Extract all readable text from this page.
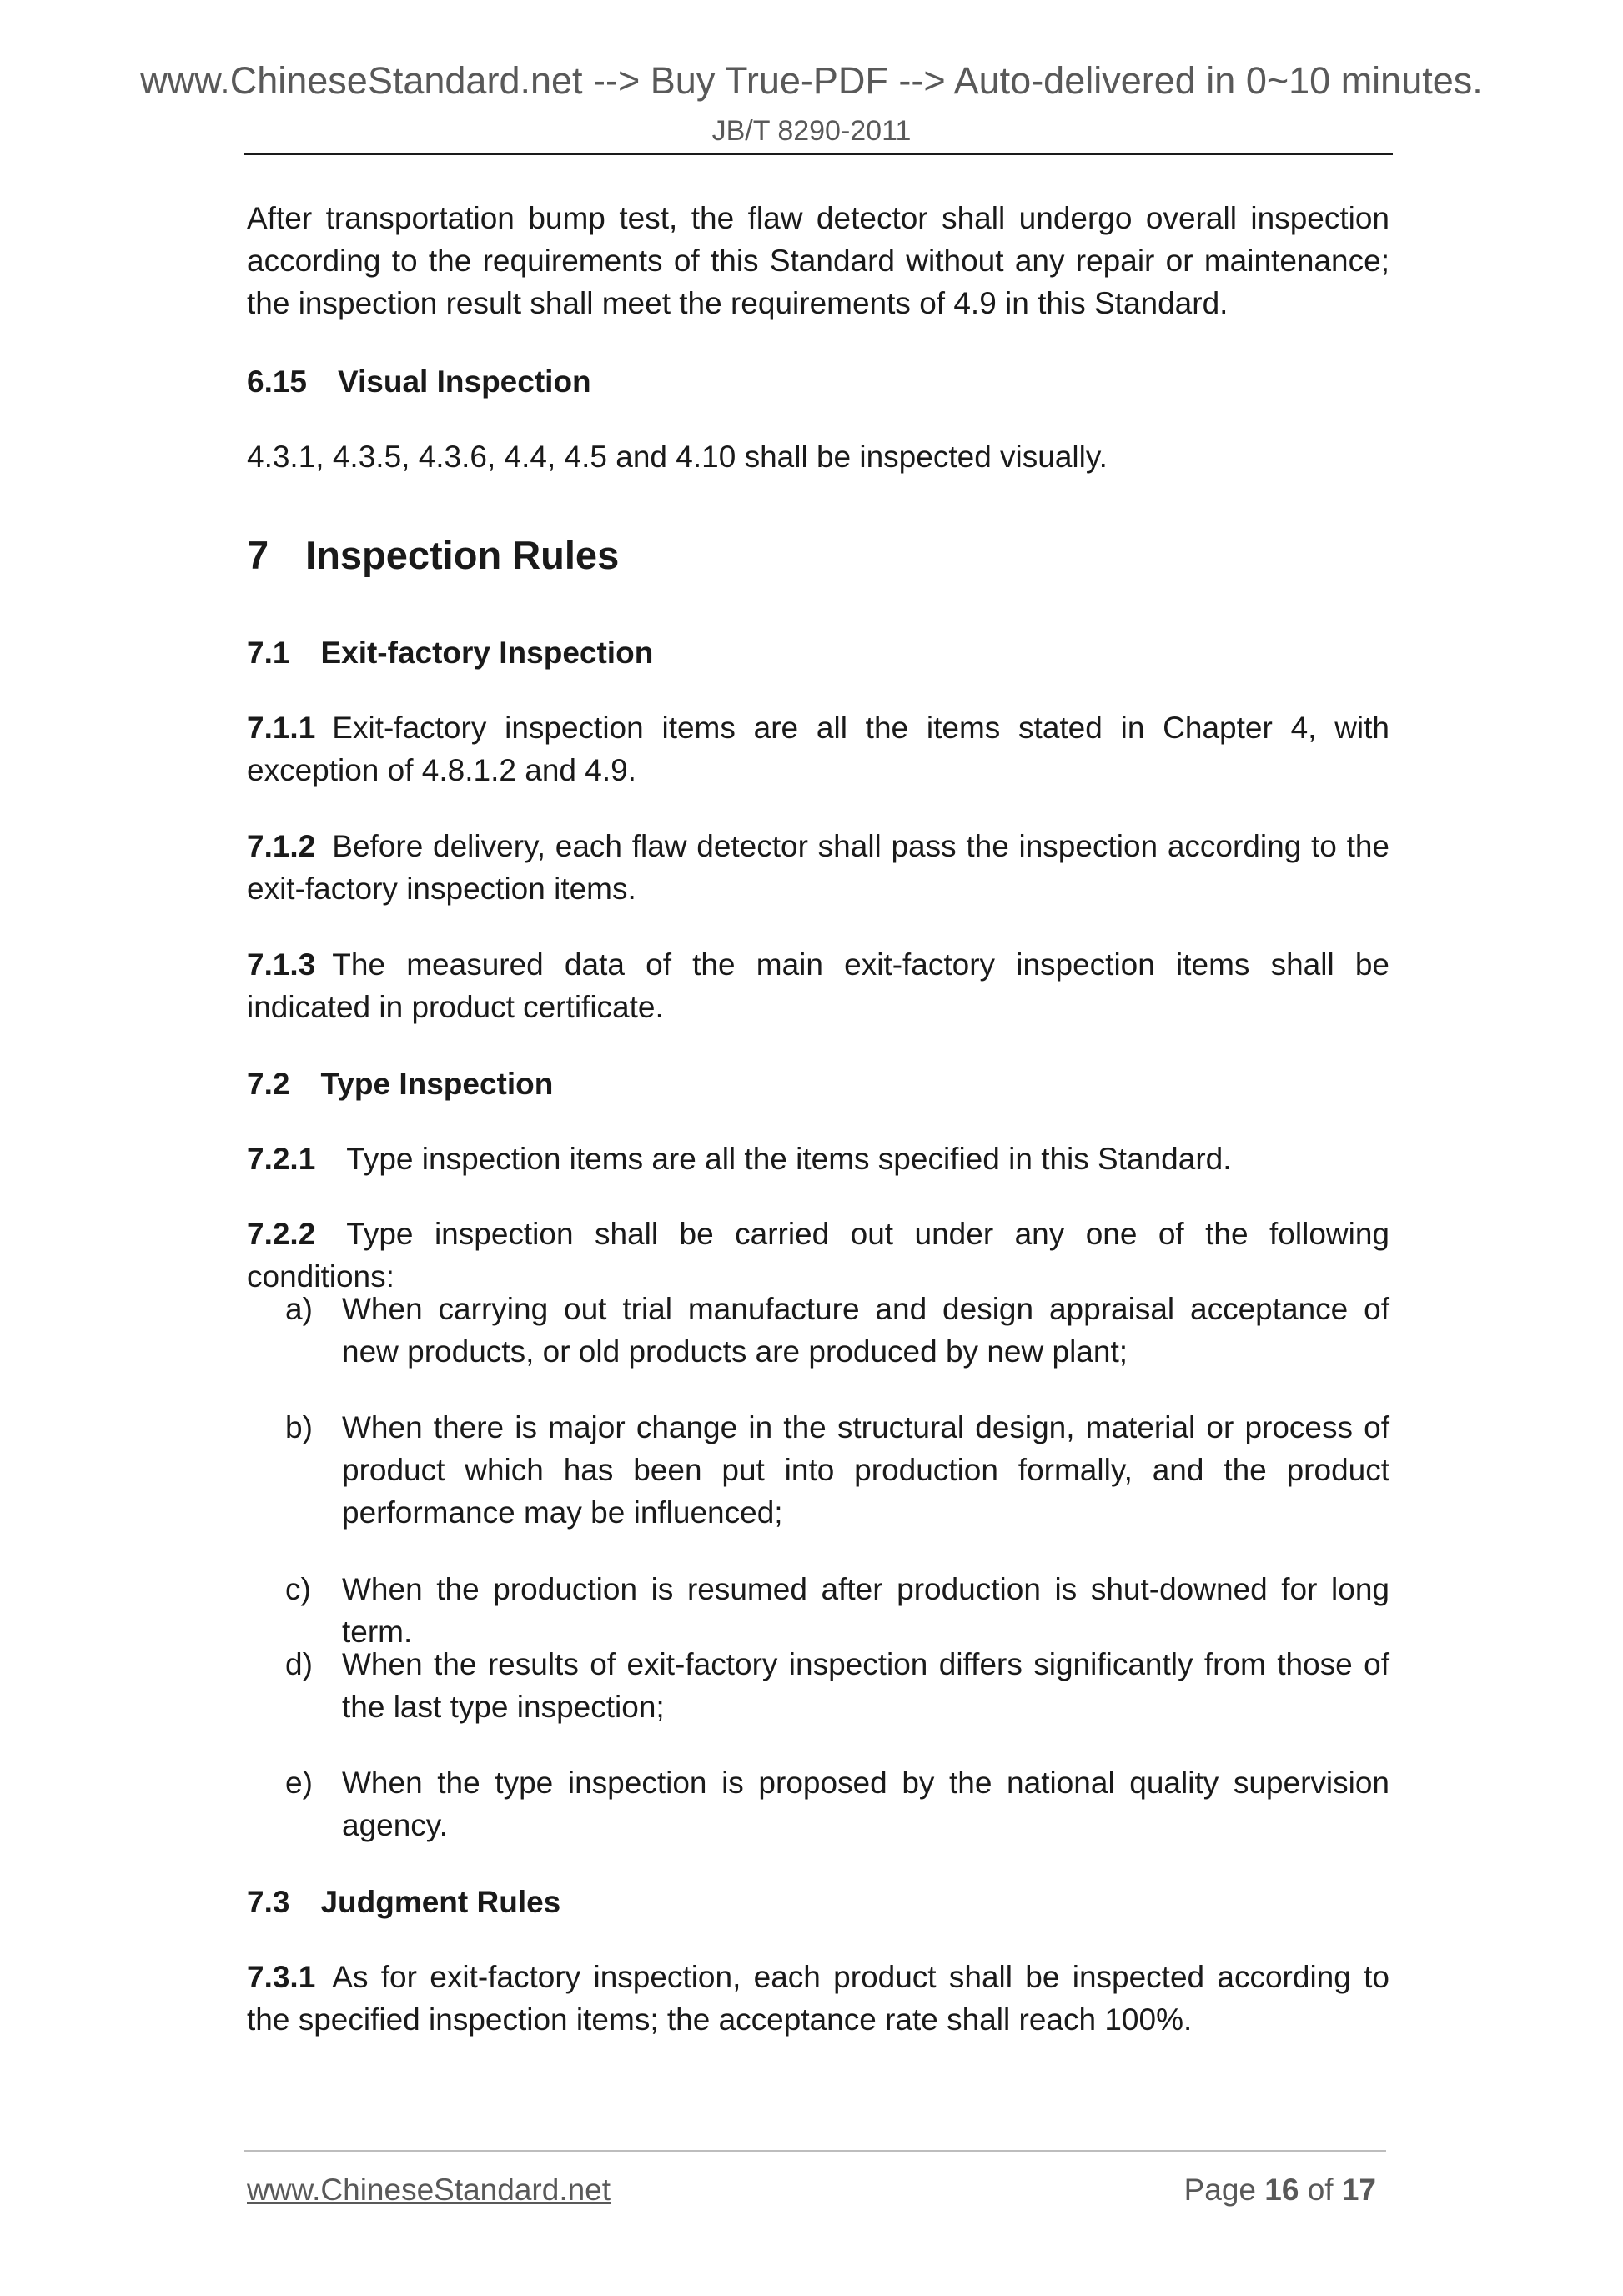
www.ChineseStandard.net --> Buy True-PDF --> Auto-delivered in 0~10 minutes.
JB/T 8290-2011

After transportation bump test, the flaw detector shall undergo overall inspection according to the requirements of this Standard without any repair or maintenance; the inspection result shall meet the requirements of 4.9 in this Standard.

6.15 Visual Inspection

4.3.1, 4.3.5, 4.3.6, 4.4, 4.5 and 4.10 shall be inspected visually.

7 Inspection Rules
7.1 Exit-factory Inspection

7.1.1 Exit-factory inspection items are all the items stated in Chapter 4, with exception of 4.8.1.2 and 4.9.

7.1.2 Before delivery, each flaw detector shall pass the inspection according to the exit-factory inspection items.

7.1.3 The measured data of the main exit-factory inspection items shall be indicated in product certificate.

7.2 Type Inspection

7.2.1 Type inspection items are all the items specified in this Standard.

7.2.2 Type inspection shall be carried out under any one of the following conditions:

a) When carrying out trial manufacture and design appraisal acceptance of new products, or old products are produced by new plant;
b) When there is major change in the structural design, material or process of product which has been put into production formally, and the product performance may be influenced;
c) When the production is resumed after production is shut-downed for long term.
d) When the results of exit-factory inspection differs significantly from those of the last type inspection;
e) When the type inspection is proposed by the national quality supervision agency.
7.3 Judgment Rules

7.3.1 As for exit-factory inspection, each product shall be inspected according to the specified inspection items; the acceptance rate shall reach 100%.

www.ChineseStandard.net	Page 16 of 17
